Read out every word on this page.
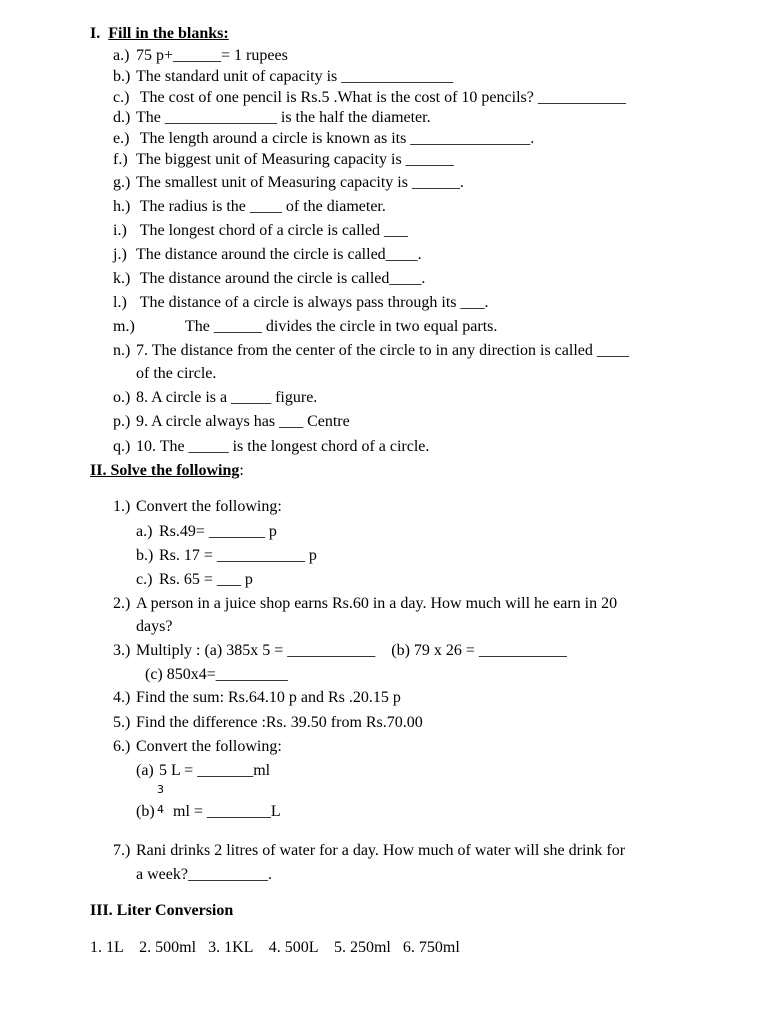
I. Fill in the blanks:
a.) 75 p+______= 1 rupees
b.) The standard unit of capacity is ______________
c.) The cost of one pencil is Rs.5 .What is the cost of 10 pencils? ___________
d.) The ______________ is the half the diameter.
e.) The length around a circle is known as its _______________.
f.) The biggest unit of Measuring capacity is ______
g.) The smallest unit of Measuring capacity is ______.
h.) The radius is the ____ of the diameter.
i.) The longest chord of a circle is called ___
j.) The distance around the circle is called____.
k.) The distance around the circle is called____.
l.) The distance of a circle is always pass through its ___.
m.)	The ______ divides the circle in two equal parts.
n.) 7. The distance from the center of the circle to in any direction is called ____
of the circle.
o.) 8. A circle is a _____ figure.
p.) 9. A circle always has ___ Centre
q.) 10. The _____ is the longest chord of a circle.
II. Solve the following:
1.) Convert the following:
a.) Rs.49= _______ p
b.) Rs. 17 = ___________ p
c.) Rs. 65 = ___ p
2.) A person in a juice shop earns Rs.60 in a day. How much will he earn in 20
days?
3.) Multiply : (a) 385x 5 = ___________    (b) 79 x 26 = ___________
(c) 850x4=_________
4.) Find the sum: Rs.64.10 p and Rs .20.15 p
5.) Find the difference :Rs. 39.50 from Rs.70.00
6.) Convert the following:
(a) 5 L = _______ml
(b) ml = ________L
7.) Rani drinks 2 litres of water for a day. How much of water will she drink for
a week?__________.
3
4
III. Liter Conversion
1. 1L    2. 500ml   3. 1KL    4. 500L    5. 250ml   6. 750ml
